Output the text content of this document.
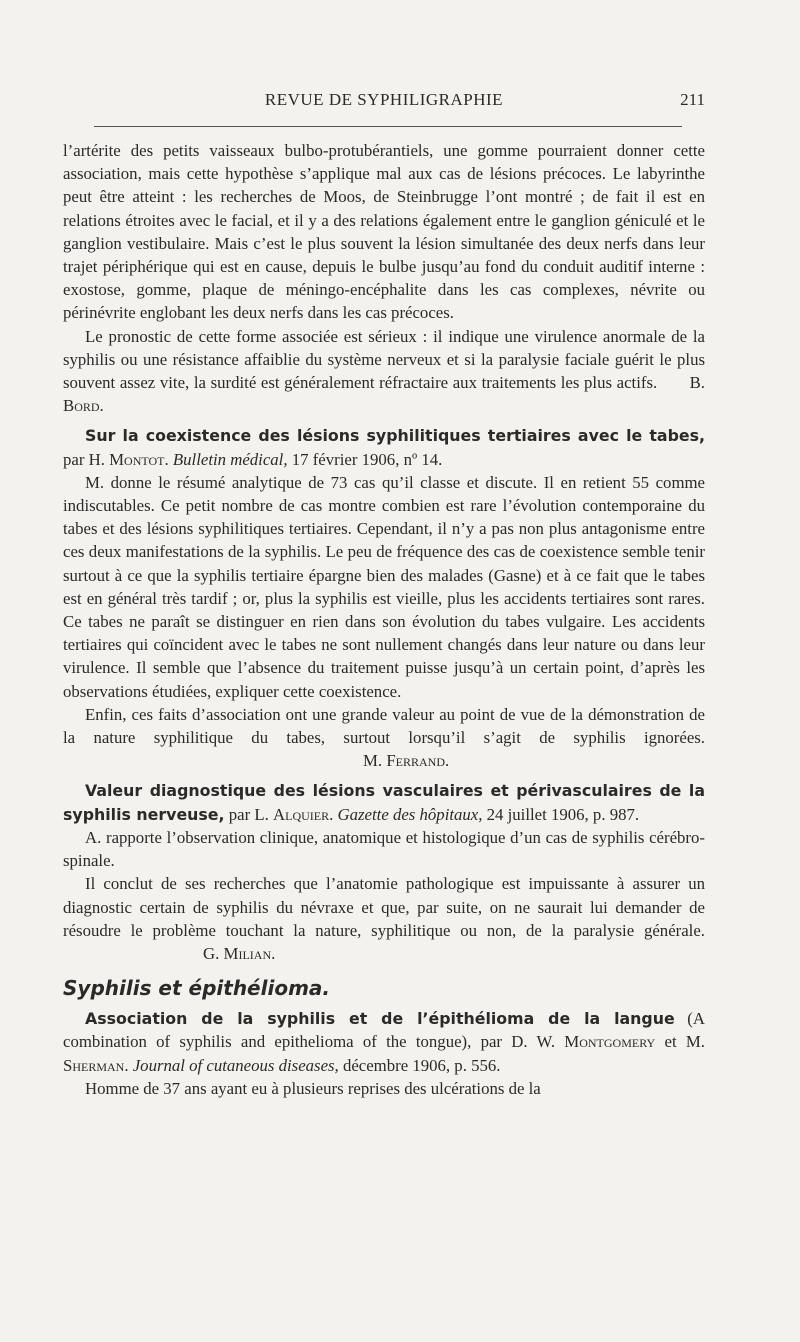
REVUE DE SYPHILIGRAPHIE	211

l’artérite des petits vaisseaux bulbo-protubérantiels, une gomme pourraient donner cette association, mais cette hypothèse s’applique mal aux cas de lésions précoces. Le labyrinthe peut être atteint : les recherches de Moos, de Steinbrugge l’ont montré ; de fait il est en relations étroites avec le facial, et il y a des relations également entre le ganglion géniculé et le ganglion vestibulaire. Mais c’est le plus souvent la lésion simultanée des deux nerfs dans leur trajet périphérique qui est en cause, depuis le bulbe jusqu’au fond du conduit auditif interne : exostose, gomme, plaque de méningo-encéphalite dans les cas complexes, névrite ou périnévrite englobant les deux nerfs dans les cas précoces.

Le pronostic de cette forme associée est sérieux : il indique une virulence anormale de la syphilis ou une résistance affaiblie du système nerveux et si la paralysie faciale guérit le plus souvent assez vite, la surdité est généralement réfractaire aux traitements les plus actifs. B. Bord.

Sur la coexistence des lésions syphilitiques tertiaires avec le tabes, par H. Montot. Bulletin médical, 17 février 1906, nº 14.

M. donne le résumé analytique de 73 cas qu’il classe et discute. Il en retient 55 comme indiscutables. Ce petit nombre de cas montre combien est rare l’évolution contemporaine du tabes et des lésions syphilitiques tertiaires. Cependant, il n’y a pas non plus antagonisme entre ces deux manifestations de la syphilis. Le peu de fréquence des cas de coexistence semble tenir surtout à ce que la syphilis tertiaire épargne bien des malades (Gasne) et à ce fait que le tabes est en général très tardif ; or, plus la syphilis est vieille, plus les accidents tertiaires sont rares. Ce tabes ne paraît se distinguer en rien dans son évolution du tabes vulgaire. Les accidents tertiaires qui coïncident avec le tabes ne sont nullement changés dans leur nature ou dans leur virulence. Il semble que l’absence du traitement puisse jusqu’à un certain point, d’après les observations étudiées, expliquer cette coexistence.

Enfin, ces faits d’association ont une grande valeur au point de vue de la démonstration de la nature syphilitique du tabes, surtout lorsqu’il s’agit de syphilis ignorées.M. Ferrand.

Valeur diagnostique des lésions vasculaires et périvasculaires de la syphilis nerveuse, par L. Alquier. Gazette des hôpitaux, 24 juillet 1906, p. 987.

A. rapporte l’observation clinique, anatomique et histologique d’un cas de syphilis cérébro-spinale.

Il conclut de ses recherches que l’anatomie pathologique est impuissante à assurer un diagnostic certain de syphilis du névraxe et que, par suite, on ne saurait lui demander de résoudre le problème touchant la nature, syphilitique ou non, de la paralysie générale.G. Milian.

Syphilis et épithélioma.

Association de la syphilis et de l’épithélioma de la langue (A combination of syphilis and epithelioma of the tongue), par D. W. Montgomery et M. Sherman. Journal of cutaneous diseases, décembre 1906, p. 556.

Homme de 37 ans ayant eu à plusieurs reprises des ulcérations de la
